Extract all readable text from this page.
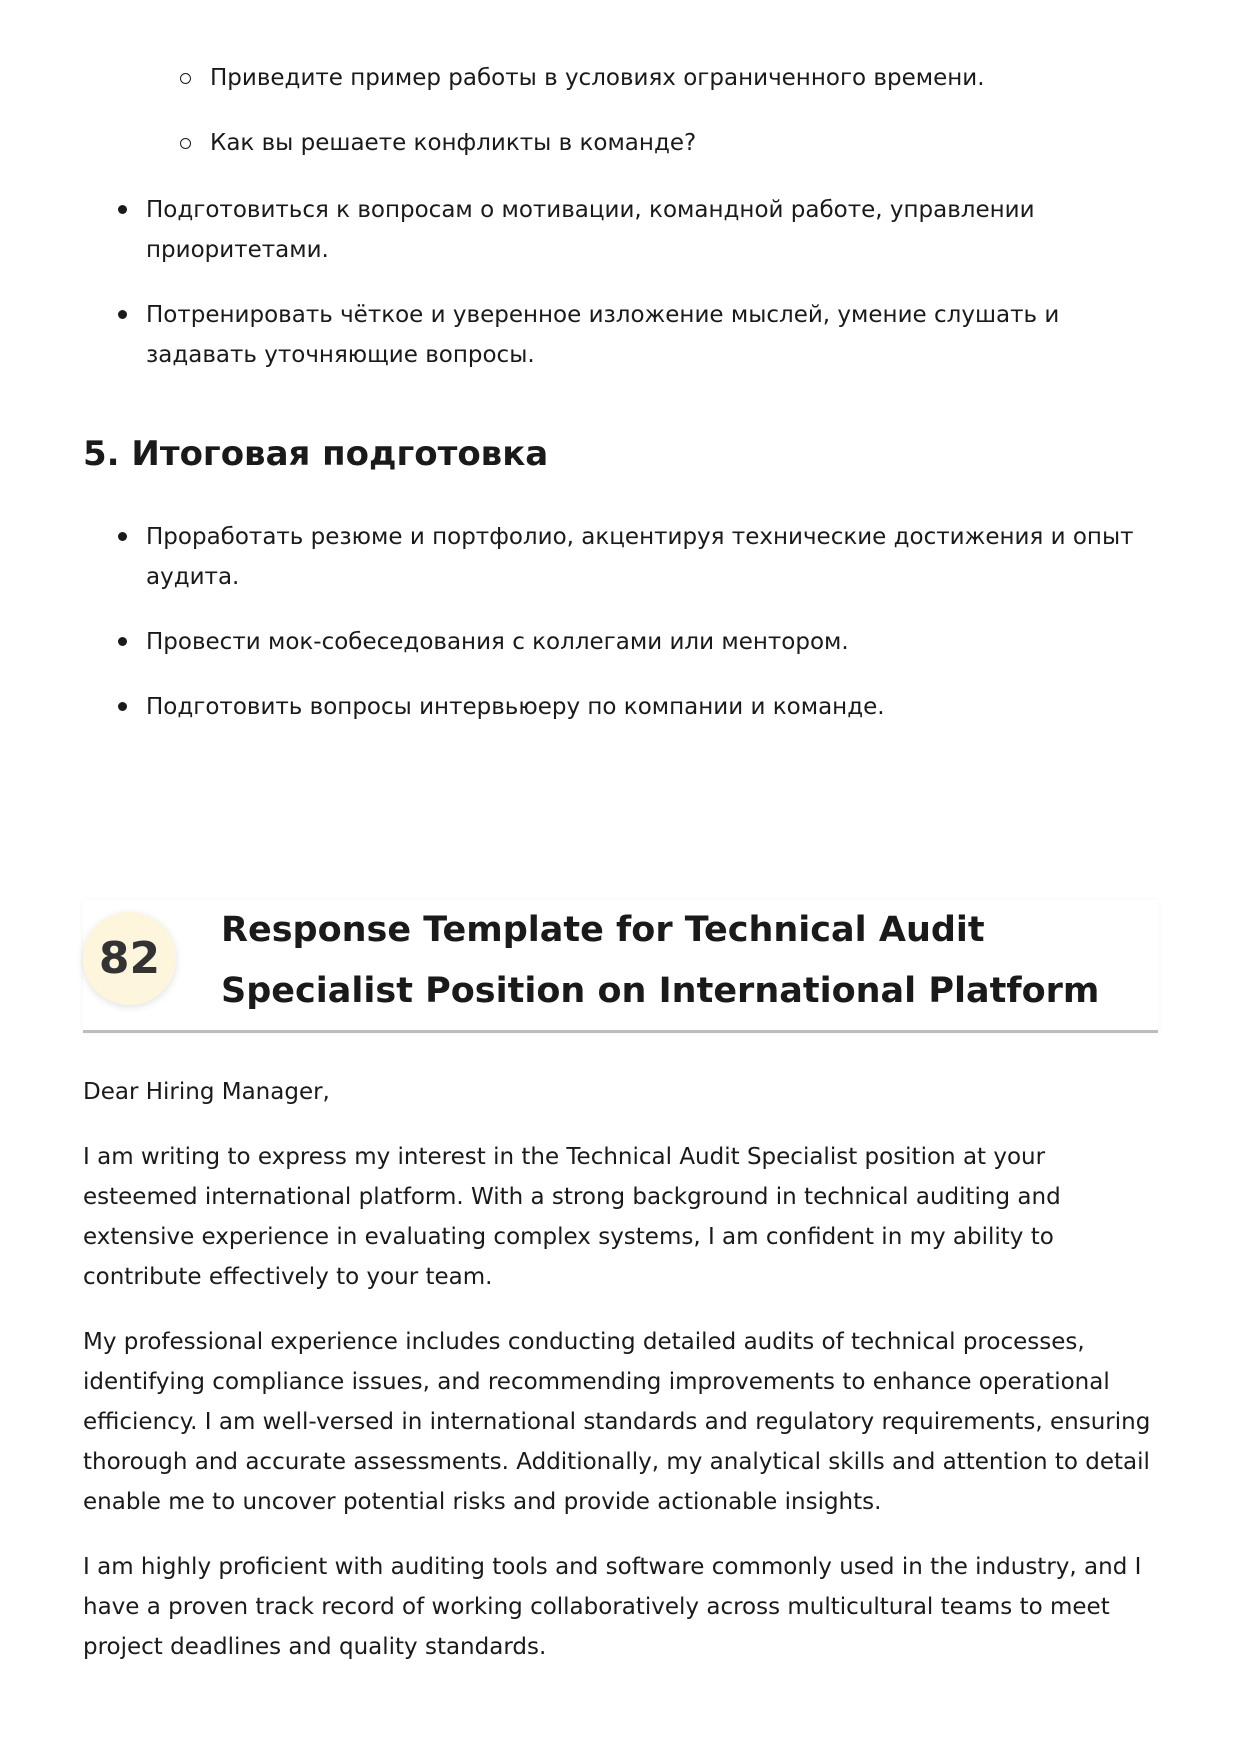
Приведите пример работы в условиях ограниченного времени.
Как вы решаете конфликты в команде?
Подготовиться к вопросам о мотивации, командной работе, управлении приоритетами.
Потренировать чёткое и уверенное изложение мыслей, умение слушать и задавать уточняющие вопросы.
5. Итоговая подготовка
Проработать резюме и портфолио, акцентируя технические достижения и опыт аудита.
Провести мок-собеседования с коллегами или ментором.
Подготовить вопросы интервьюеру по компании и команде.
82
Response Template for Technical Audit Specialist Position on International Platform

Dear Hiring Manager,

I am writing to express my interest in the Technical Audit Specialist position at your esteemed international platform. With a strong background in technical auditing and extensive experience in evaluating complex systems, I am confident in my ability to contribute effectively to your team.

My professional experience includes conducting detailed audits of technical processes, identifying compliance issues, and recommending improvements to enhance operational efficiency. I am well-versed in international standards and regulatory requirements, ensuring thorough and accurate assessments. Additionally, my analytical skills and attention to detail enable me to uncover potential risks and provide actionable insights.

I am highly proficient with auditing tools and software commonly used in the industry, and I have a proven track record of working collaboratively across multicultural teams to meet project deadlines and quality standards.
